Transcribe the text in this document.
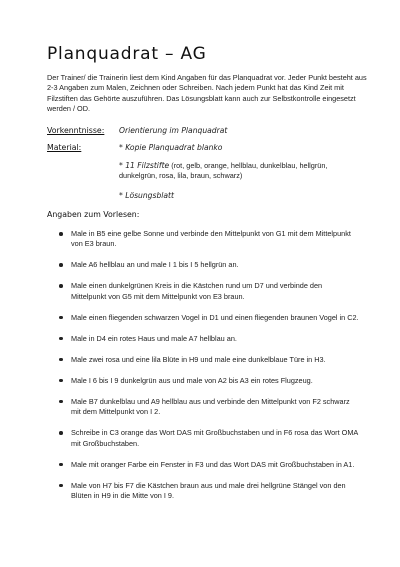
Planquadrat – AG

Der Trainer/ die Trainerin liest dem Kind Angaben für das Planquadrat vor. Jeder Punkt besteht aus 2-3 Angaben zum Malen, Zeichnen oder Schreiben. Nach jedem Punkt hat das Kind Zeit mit Filzstiften das Gehörte auszuführen. Das Lösungsblatt kann auch zur Selbstkontrolle eingesetzt werden / OD.

Vorkenntnisse: Orientierung im Planquadrat
Material:	* Kopie Planquadrat blanko
* 11 Filzstifte (rot, gelb, orange, hellblau, dunkelblau, hellgrün, dunkelgrün, rosa, lila, braun, schwarz)
* Lösungsblatt
Angaben zum Vorlesen:
Male in B5 eine gelbe Sonne und verbinde den Mittelpunkt von G1 mit dem Mittelpunkt von E3 braun.
Male A6 hellblau an und male I 1 bis I 5 hellgrün an.
Male einen dunkelgrünen Kreis in die Kästchen rund um D7 und verbinde den Mittelpunkt von G5 mit dem Mittelpunkt von E3 braun.
Male einen fliegenden schwarzen Vogel in D1 und einen fliegenden braunen Vogel in C2.
Male in D4 ein rotes Haus und male A7 hellblau an.
Male zwei rosa und eine lila Blüte in H9 und male eine dunkelblaue Türe in H3.
Male I 6 bis I 9 dunkelgrün aus und male von A2 bis A3 ein rotes Flugzeug.
Male B7 dunkelblau und A9 hellblau aus und verbinde den Mittelpunkt von F2 schwarz mit dem Mittelpunkt von I 2.
Schreibe in C3 orange das Wort DAS mit Großbuchstaben und in F6 rosa das Wort OMA mit Großbuchstaben.
Male mit oranger Farbe ein Fenster in F3 und das Wort DAS mit Großbuchstaben in A1.
Male von H7 bis F7 die Kästchen braun aus und male drei hellgrüne Stängel von den Blüten in H9 in die Mitte von I 9.
